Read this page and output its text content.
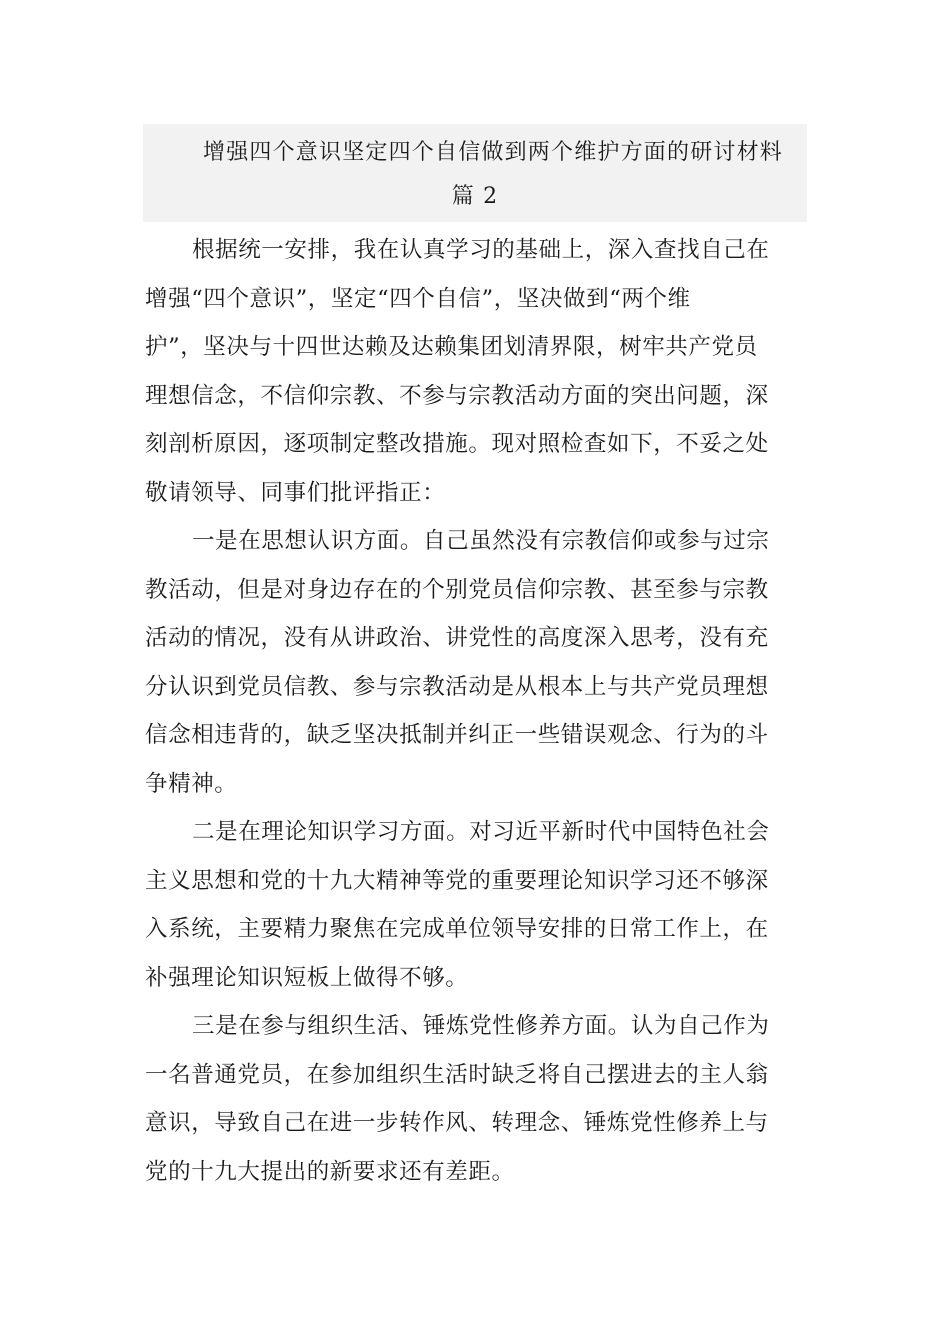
增强四个意识坚定四个自信做到两个维护方面的研讨材料
篇 2
根据统一安排，我在认真学习的基础上，深入查找自己在
增强“四个意识”，坚定“四个自信”，坚决做到“两个维
护”，坚决与十四世达赖及达赖集团划清界限，树牢共产党员
理想信念，不信仰宗教、不参与宗教活动方面的突出问题，深
刻剖析原因，逐项制定整改措施。现对照检查如下，不妥之处
敬请领导、同事们批评指正：
一是在思想认识方面。自己虽然没有宗教信仰或参与过宗
教活动，但是对身边存在的个别党员信仰宗教、甚至参与宗教
活动的情况，没有从讲政治、讲党性的高度深入思考，没有充
分认识到党员信教、参与宗教活动是从根本上与共产党员理想
信念相违背的，缺乏坚决抵制并纠正一些错误观念、行为的斗
争精神。
二是在理论知识学习方面。对习近平新时代中国特色社会
主义思想和党的十九大精神等党的重要理论知识学习还不够深
入系统，主要精力聚焦在完成单位领导安排的日常工作上，在
补强理论知识短板上做得不够。
三是在参与组织生活、锤炼党性修养方面。认为自己作为
一名普通党员，在参加组织生活时缺乏将自己摆进去的主人翁
意识，导致自己在进一步转作风、转理念、锤炼党性修养上与
党的十九大提出的新要求还有差距。
